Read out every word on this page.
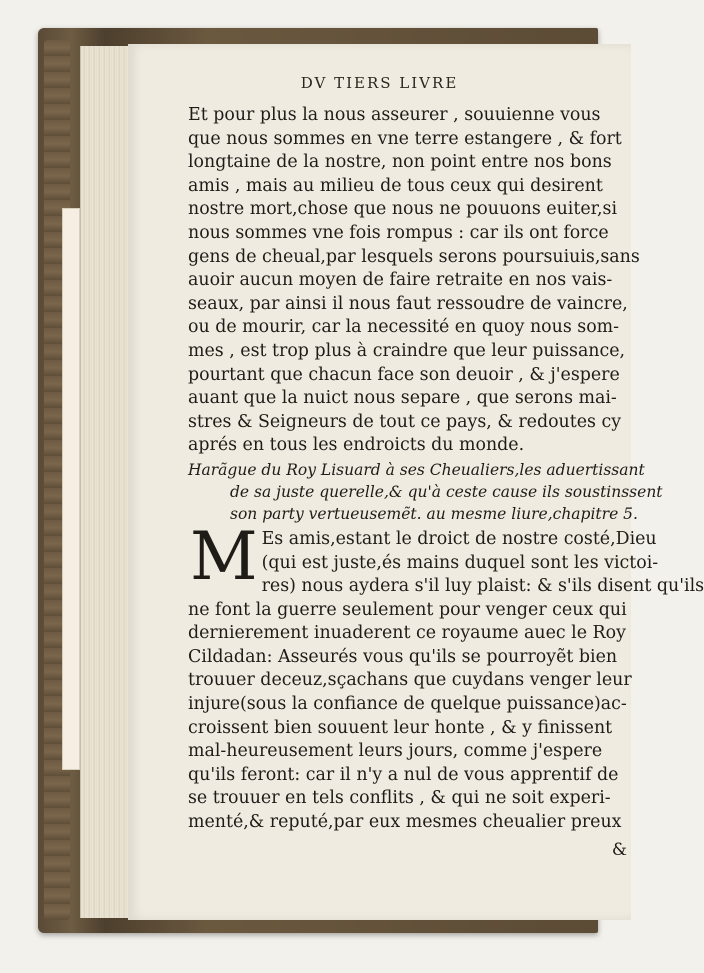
DV TIERS LIVRE
Et pour plus la nous asseurer , souuienne vous
que nous sommes en vne terre estangere , & fort
longtaine de la nostre, non point entre nos bons
amis , mais au milieu de tous ceux qui desirent
nostre mort,chose que nous ne pouuons euiter,si
nous sommes vne fois rompus : car ils ont force
gens de cheual,par lesquels serons poursuiuis,sans
auoir aucun moyen de faire retraite en nos vais-
seaux, par ainsi il nous faut ressoudre de vaincre,
ou de mourir, car la necessité en quoy nous som-
mes , est trop plus à craindre que leur puissance,
pourtant que chacun face son deuoir , & j'espere
auant que la nuict nous separe , que serons mai-
stres & Seigneurs de tout ce pays, & redoutes cy
aprés en tous les endroicts du monde.
Harãgue du Roy Lisuard à ses Cheualiers,les aduertissant
de sa juste querelle,& qu'à ceste cause ils soustinssent
son party vertueusemẽt. au mesme liure,chapitre 5.
M Es amis,estant le droict de nostre costé,Dieu
(qui est juste,és mains duquel sont les victoi-
res) nous aydera s'il luy plaist: & s'ils disent qu'ils
ne font la guerre seulement pour venger ceux qui
dernierement inuaderent ce royaume auec le Roy
Cildadan: Asseurés vous qu'ils se pourroyẽt bien
trouuer deceuz,sçachans que cuydans venger leur
injure(sous la confiance de quelque puissance)ac-
croissent bien souuent leur honte , & y finissent
mal-heureusement leurs jours, comme j'espere
qu'ils feront: car il n'y a nul de vous apprentif de
se trouuer en tels conflits , & qui ne soit experi-
menté,& reputé,par eux mesmes cheualier preux
&
